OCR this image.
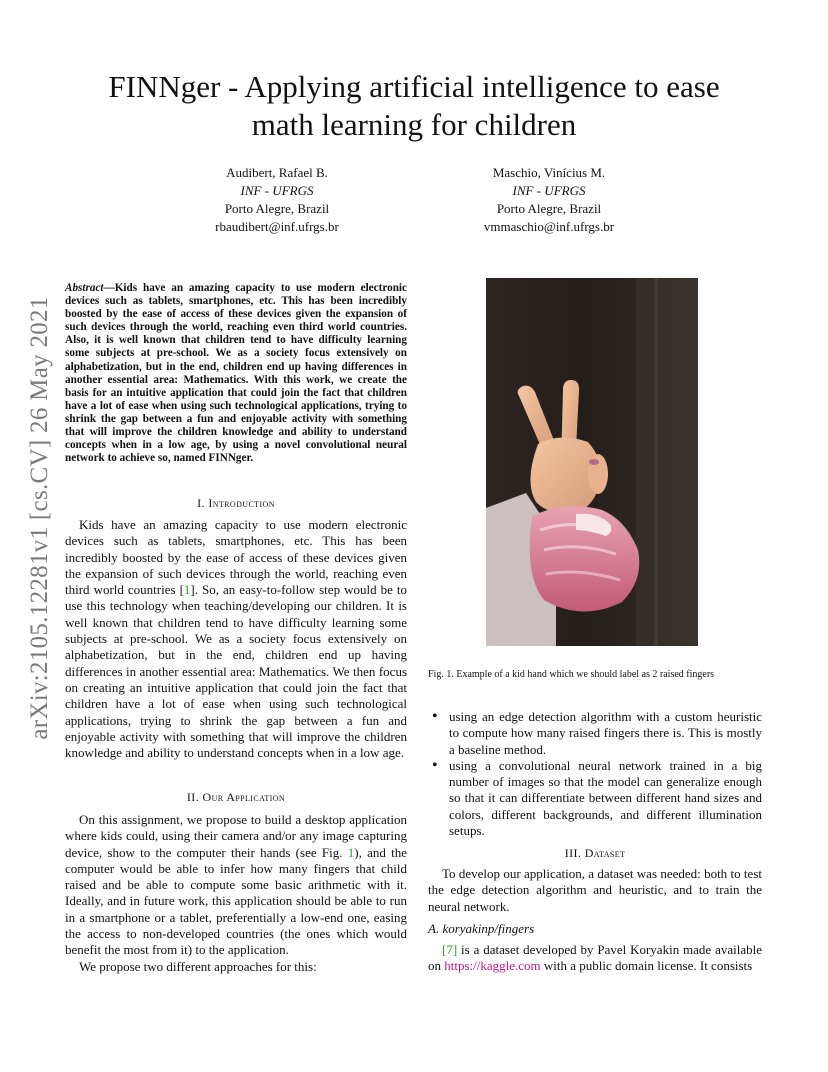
FINNger - Applying artificial intelligence to ease
math learning for children
Audibert, Rafael B.
INF - UFRGS
Porto Alegre, Brazil
rbaudibert@inf.ufrgs.br
Maschio, Vinícius M.
INF - UFRGS
Porto Alegre, Brazil
vmmaschio@inf.ufrgs.br
arXiv:2105.12281v1 [cs.CV] 26 May 2021
Abstract—Kids have an amazing capacity to use modern electronic devices such as tablets, smartphones, etc. This has been incredibly boosted by the ease of access of these devices given the expansion of such devices through the world, reaching even third world countries. Also, it is well known that children tend to have difficulty learning some subjects at pre-school. We as a society focus extensively on alphabetization, but in the end, children end up having differences in another essential area: Mathematics. With this work, we create the basis for an intuitive application that could join the fact that children have a lot of ease when using such technological applications, trying to shrink the gap between a fun and enjoyable activity with something that will improve the children knowledge and ability to understand concepts when in a low age, by using a novel convolutional neural network to achieve so, named FINNger.
I. Introduction

Kids have an amazing capacity to use modern electronic devices such as tablets, smartphones, etc. This has been incredibly boosted by the ease of access of these devices given the expansion of such devices through the world, reaching even third world countries [1]. So, an easy-to-follow step would be to use this technology when teaching/developing our children. It is well known that children tend to have difficulty learning some subjects at pre-school. We as a society focus extensively on alphabetization, but in the end, children end up having differences in another essential area: Mathematics. We then focus on creating an intuitive application that could join the fact that children have a lot of ease when using such technological applications, trying to shrink the gap between a fun and enjoyable activity with something that will improve the children knowledge and ability to understand concepts when in a low age.

II. Our Application

On this assignment, we propose to build a desktop application where kids could, using their camera and/or any image capturing device, show to the computer their hands (see Fig. 1), and the computer would be able to infer how many fingers that child raised and be able to compute some basic arithmetic with it. Ideally, and in future work, this application should be able to run in a smartphone or a tablet, preferentially a low-end one, easing the access to non-developed countries (the ones which would benefit the most from it) to the application.

We propose two different approaches for this:

Fig. 1. Example of a kid hand which we should label as 2 raised fingers
• using an edge detection algorithm with a custom heuristic to compute how many raised fingers there is. This is mostly a baseline method.
• using a convolutional neural network trained in a big number of images so that the model can generalize enough so that it can differentiate between different hand sizes and colors, different backgrounds, and different illumination setups.
III. Dataset

To develop our application, a dataset was needed: both to test the edge detection algorithm and heuristic, and to train the neural network.

A. koryakinp/fingers

[7] is a dataset developed by Pavel Koryakin made available on https://kaggle.com with a public domain license. It consists
